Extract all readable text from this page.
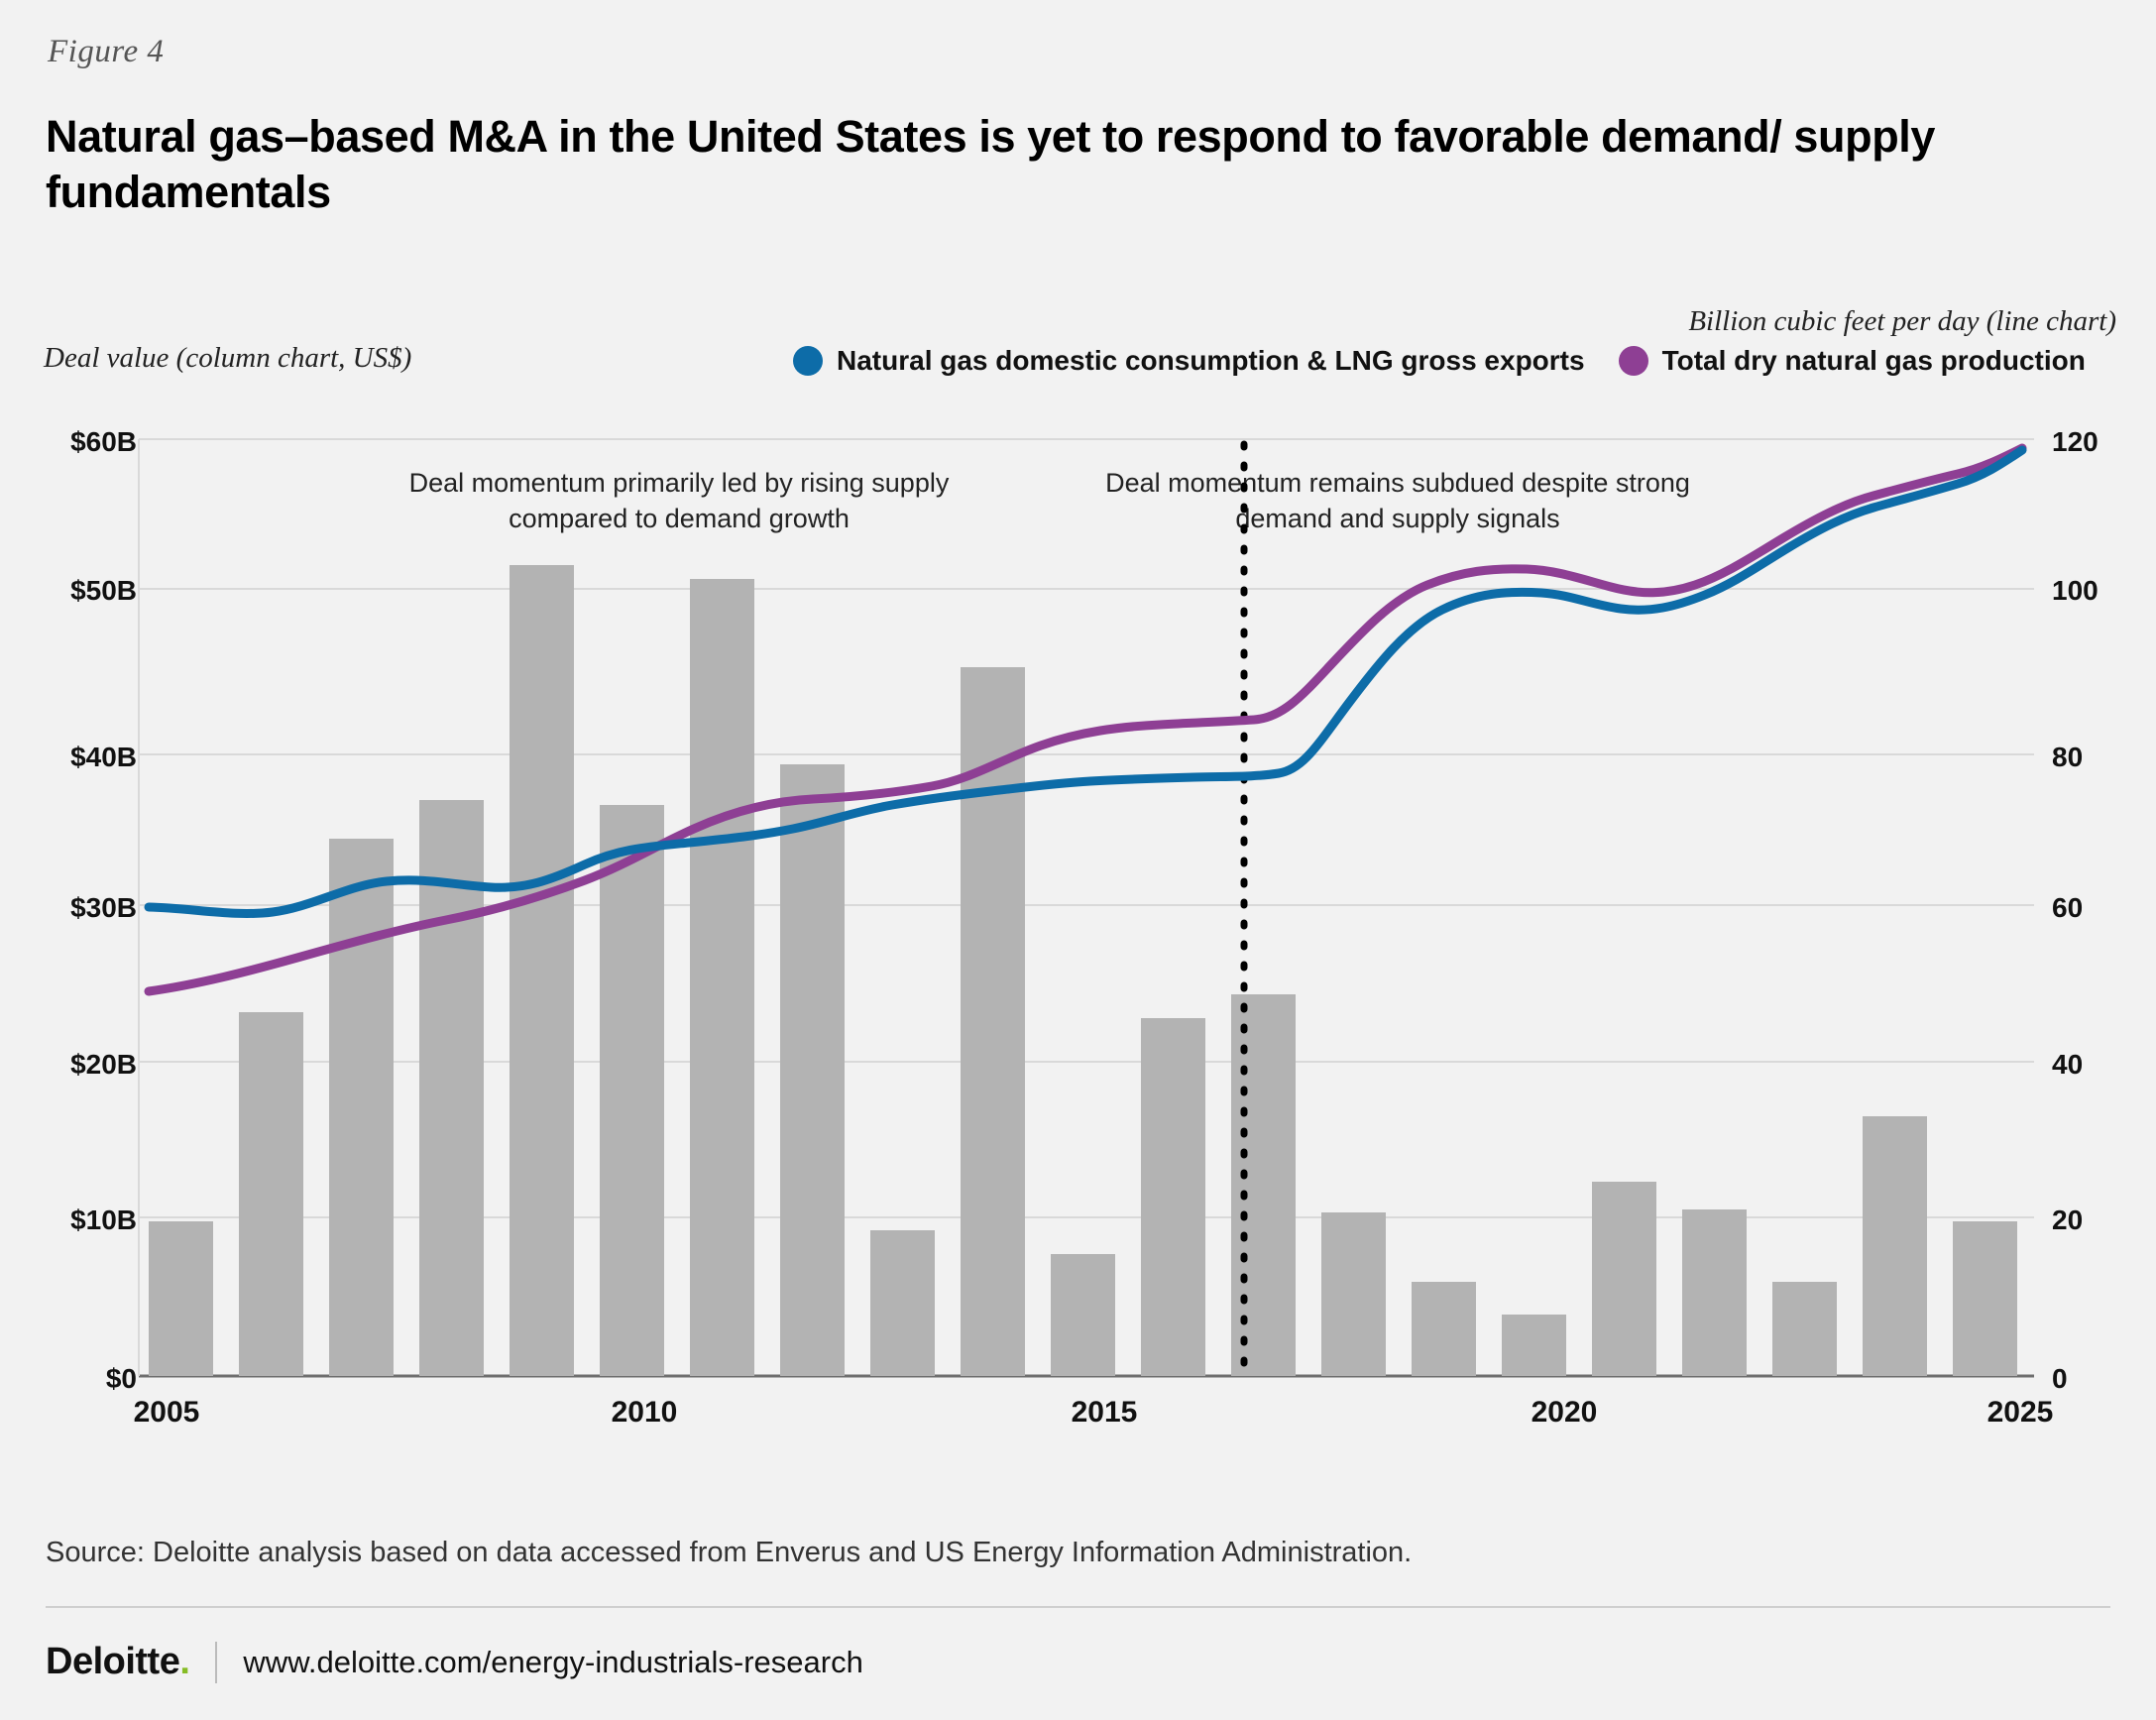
Figure 4
Natural gas–based M&A in the United States is yet to respond to favorable demand/ supply fundamentals
Deal value (column chart, US$)
Billion cubic feet per day (line chart)
Natural gas domestic consumption & LNG gross exports	Total dry natural gas production
$60B
$50B
$40B
$30B
$20B
$10B
$0
120
100
80
60
40
20
0
2005	2010	2015	2020	2025
Deal momentum primarily led by rising supply compared to demand growth
Deal momentum remains subdued despite strong demand and supply signals
Source: Deloitte analysis based on data accessed from Enverus and US Energy Information Administration.
Deloitte. www.deloitte.com/energy-industrials-research
